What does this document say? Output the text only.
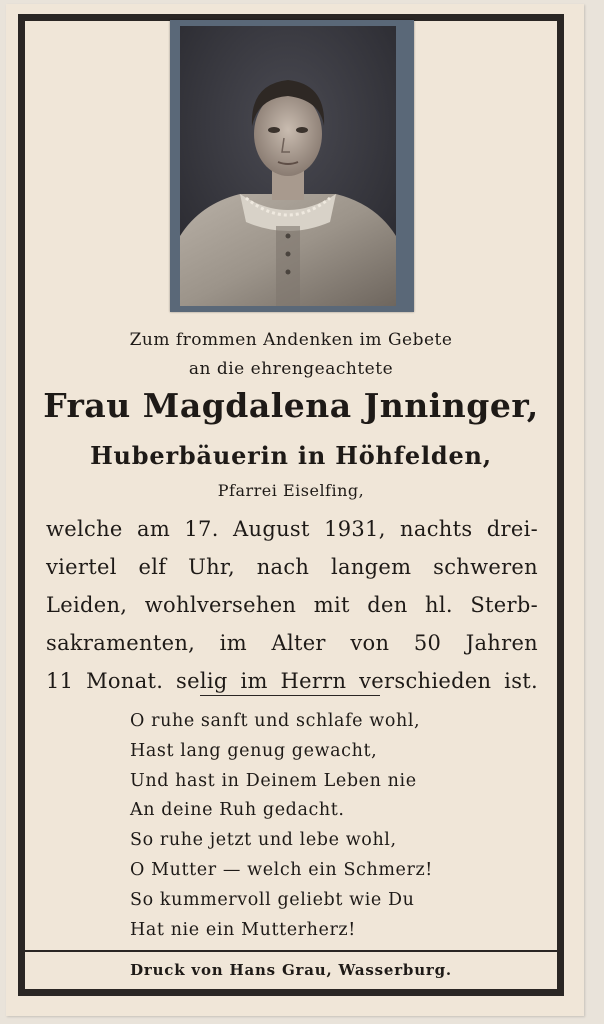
Zum frommen Andenken im Gebete
an die ehrengeachtete
Frau Magdalena Jnninger,
Huberbäuerin in Höhfelden,
Pfarrei Eiselfing,
welche am 17. August 1931, nachts drei-
viertel elf Uhr, nach langem schweren
Leiden, wohlversehen mit den hl. Sterb-
sakramenten, im Alter von 50 Jahren
11 Monat. selig im Herrn verschieden ist.
O ruhe sanft und schlafe wohl,
Hast lang genug gewacht,
Und hast in Deinem Leben nie
An deine Ruh gedacht.
So ruhe jetzt und lebe wohl,
O Mutter — welch ein Schmerz!
So kummervoll geliebt wie Du
Hat nie ein Mutterherz!
Druck von Hans Grau, Wasserburg.
